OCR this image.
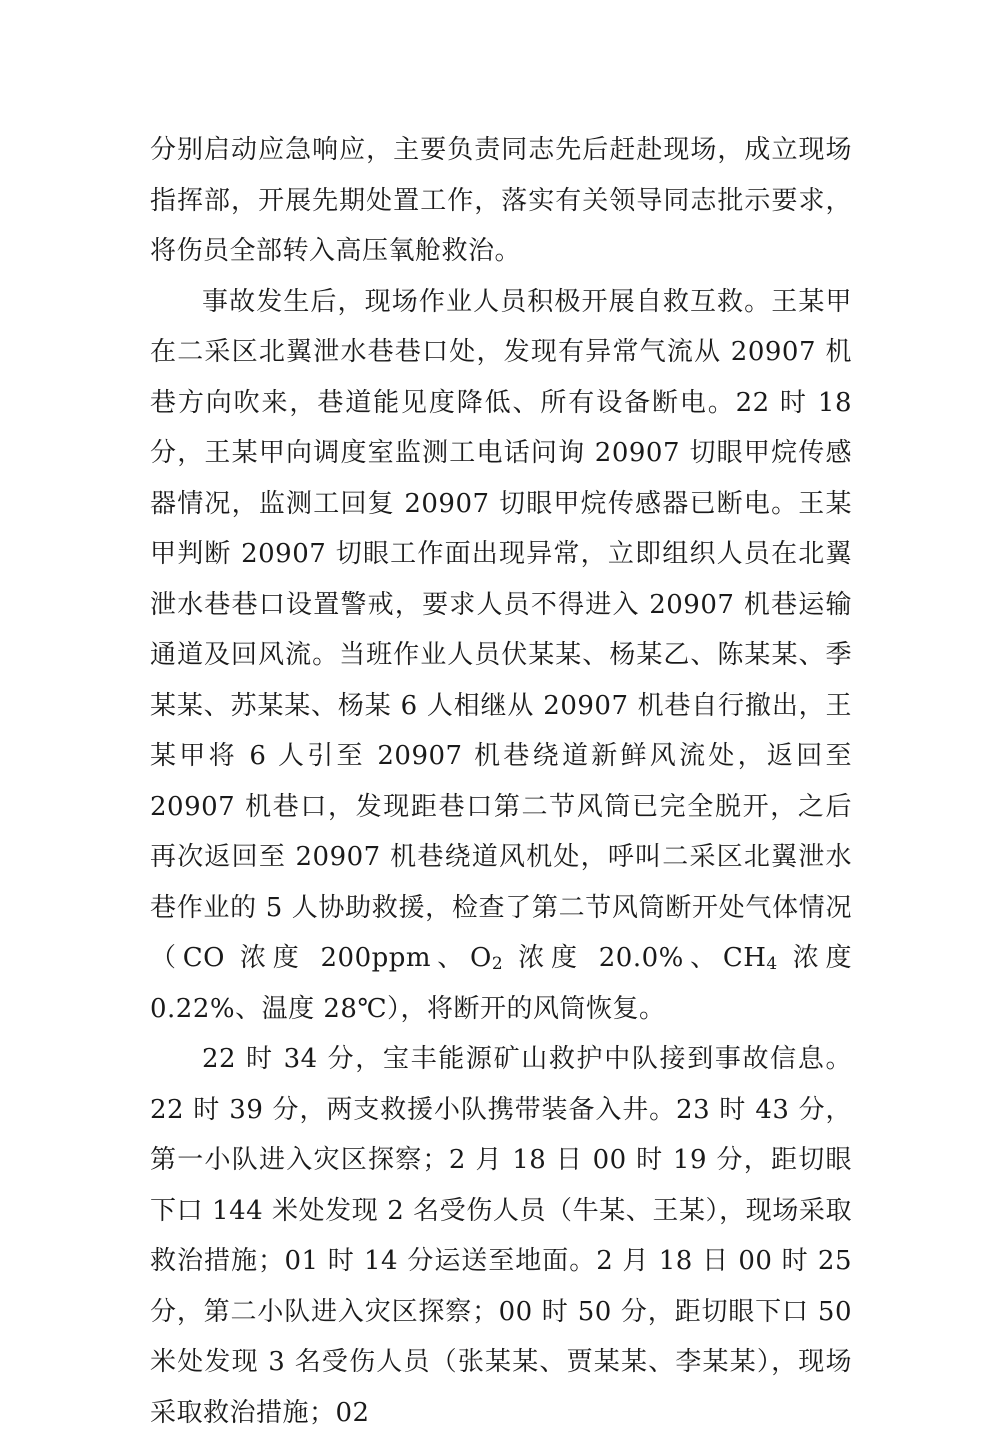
分别启动应急响应，主要负责同志先后赶赴现场，成立现场指挥部，开展先期处置工作，落实有关领导同志批示要求，将伤员全部转入高压氧舱救治。

事故发生后，现场作业人员积极开展自救互救。王某甲在二采区北翼泄水巷巷口处，发现有异常气流从 20907 机巷方向吹来，巷道能见度降低、所有设备断电。22 时 18 分，王某甲向调度室监测工电话问询 20907 切眼甲烷传感器情况，监测工回复 20907 切眼甲烷传感器已断电。王某甲判断 20907 切眼工作面出现异常，立即组织人员在北翼泄水巷巷口设置警戒，要求人员不得进入 20907 机巷运输通道及回风流。当班作业人员伏某某、杨某乙、陈某某、季某某、苏某某、杨某 6 人相继从 20907 机巷自行撤出，王某甲将 6 人引至 20907 机巷绕道新鲜风流处，返回至 20907 机巷口，发现距巷口第二节风筒已完全脱开，之后再次返回至 20907 机巷绕道风机处，呼叫二采区北翼泄水巷作业的 5 人协助救援，检查了第二节风筒断开处气体情况（CO 浓度 200ppm、$O_2$ 浓度 20.0%、$CH_4$ 浓度 0.22%、温度 28℃），将断开的风筒恢复。

22 时 34 分，宝丰能源矿山救护中队接到事故信息。22 时 39 分，两支救援小队携带装备入井。23 时 43 分，第一小队进入灾区探察；2 月 18 日 00 时 19 分，距切眼下口 144 米处发现 2 名受伤人员（牛某、王某），现场采取救治措施；01 时 14 分运送至地面。2 月 18 日 00 时 25 分，第二小队进入灾区探察；00 时 50 分，距切眼下口 50 米处发现 3 名受伤人员（张某某、贾某某、李某某），现场采取救治措施；02
